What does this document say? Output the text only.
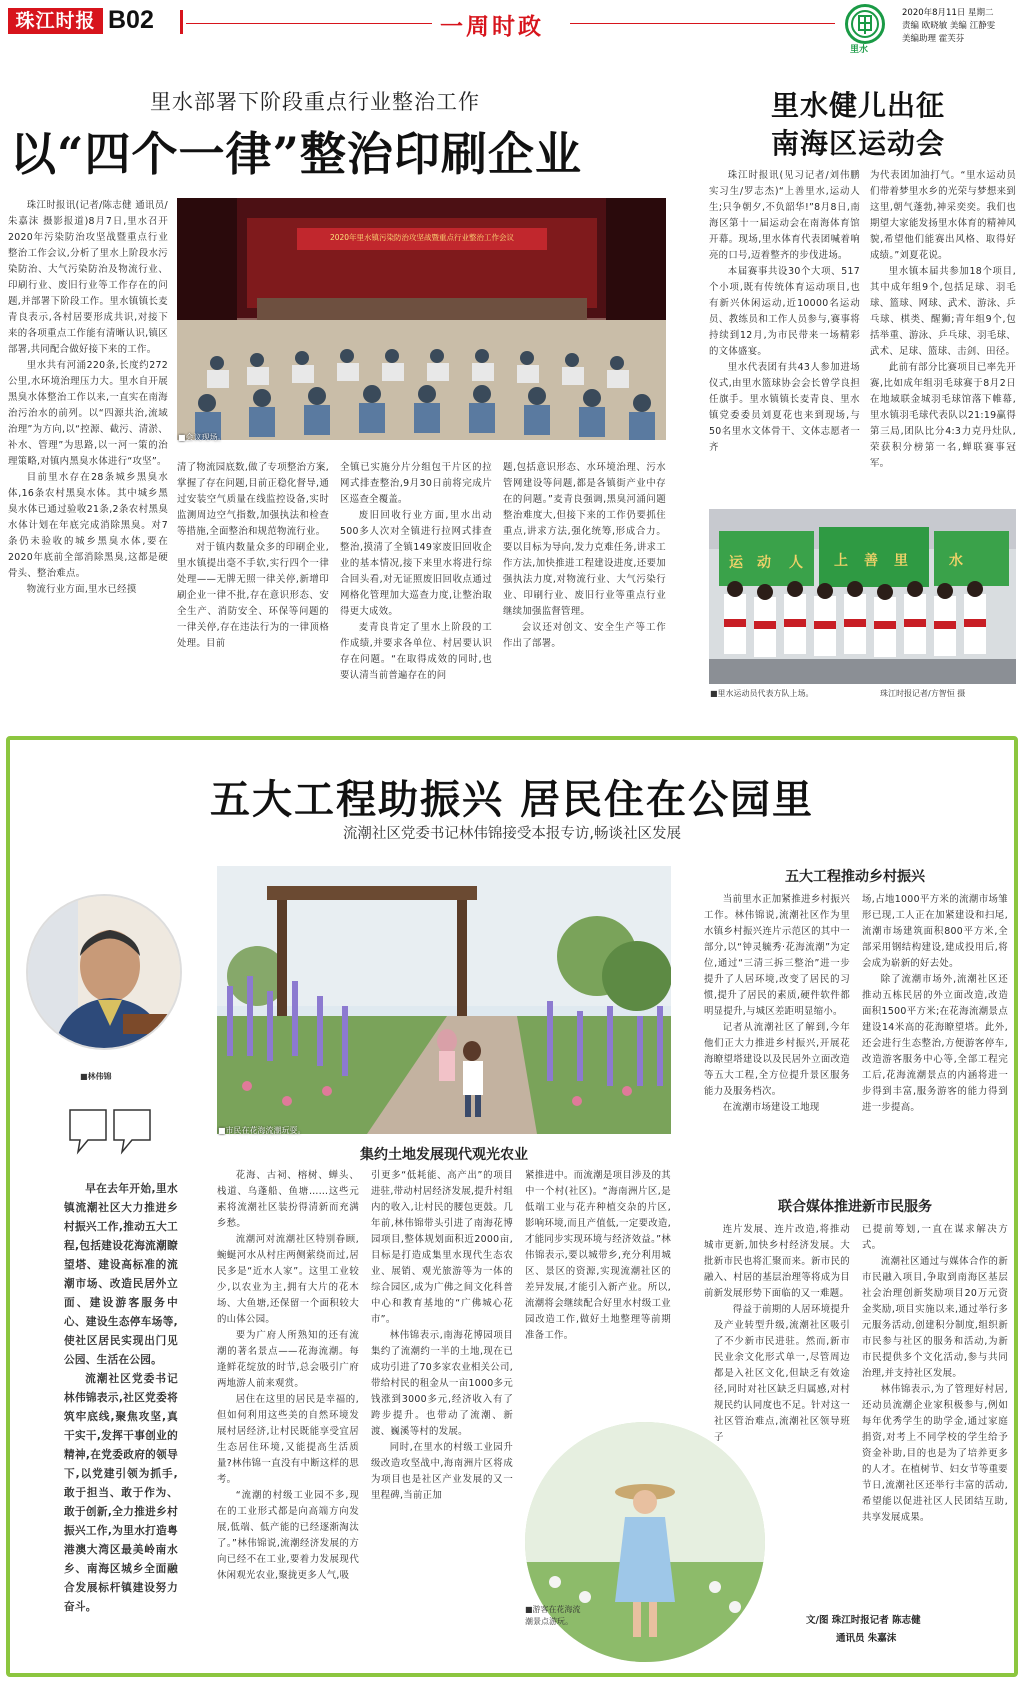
珠江时报 B02	一周时政
里水
2020年8月11日 星期二
责编 欧晓敏 美编 江静雯
美编助理 霍芙芬
里水部署下阶段重点行业整治工作
以“四个一律”整治印刷企业
2020年里水镇污染防治攻坚战暨重点行业整治工作会议
■会议现场。

珠江时报讯(记者/陈志健 通讯员/朱嘉沫 摄影报道)8月7日,里水召开2020年污染防治攻坚战暨重点行业整治工作会议,分析了里水上阶段水污染防治、大气污染防治及物流行业、印刷行业、废旧行业等工作存在的问题,并部署下阶段工作。里水镇镇长麦青良表示,各村居要形成共识,对接下来的各项重点工作能有清晰认识,镇区部署,共同配合做好接下来的工作。

里水共有河涌220条,长度约272公里,水环境治理压力大。里水自开展黑臭水体整治工作以来,一直实在南海治污治水的前列。以“四源共治,流域治理”为方向,以“控源、截污、清淤、补水、管理”为思路,以一河一策的治理策略,对镇内黑臭水体进行“攻坚”。

目前里水存在28条城乡黑臭水体,16条农村黑臭水体。其中城乡黑臭水体已通过验收21条,2条农村黑臭水体计划在年底完成消除黑臭。对7条仍未验收的城乡黑臭水体,要在2020年底前全部消除黑臭,这都是硬骨头、整治难点。

物流行业方面,里水已经摸

清了物流园底数,做了专项整治方案,掌握了存在问题,目前正稳化督导,通过安装空气质量在线监控设备,实时监测周边空气指数,加强执法和检查等措施,全面整治和规范物流行业。

对于镇内数量众多的印刷企业,里水镇提出毫不手软,实行四个一律处理——无牌无照一律关停,新增印刷企业一律不批,存在意识形态、安全生产、消防安全、环保等问题的一律关停,存在违法行为的一律顶格处理。目前

全镇已实施分片分组包干片区的拉网式排查整治,9月30日前将完成片区巡查全覆盖。

废旧回收行业方面,里水出动500多人次对全镇进行拉网式排查整治,摸清了全镇149家废旧回收企业的基本情况,接下来里水将进行综合回头看,对无证照废旧回收点通过网格化管理加大巡查力度,让整治取得更大成效。

麦青良肯定了里水上阶段的工作成绩,并要求各单位、村居要认识存在问题。“在取得成效的同时,也要认清当前普遍存在的问

题,包括意识形态、水环境治理、污水管网建设等问题,都是各镇街产业中存在的问题。”麦青良强调,黑臭河涌问题整治难度大,但接下来的工作仍要抓住重点,讲求方法,强化统筹,形成合力。要以目标为导向,发力克难任务,讲求工作方法,加快推进工程建设进度,还要加强执法力度,对物流行业、大气污染行业、印刷行业、废旧行业等重点行业继续加强监督管理。

会议还对创文、安全生产等工作作出了部署。

里水健儿出征
南海区运动会

珠江时报讯(见习记者/刘伟鹏 实习生/罗志杰)“上善里水,运动人生;只争朝夕,不负韶华!”8月8日,南海区第十一届运动会在南海体育馆开幕。现场,里水体育代表团喊着响亮的口号,迈着整齐的步伐进场。

本届赛事共设30个大项、517个小项,既有传统体育运动项目,也有新兴休闲运动,近10000名运动员、教练员和工作人员参与,赛事将持续到12月,为市民带来一场精彩的文体盛宴。

里水代表团有共43人参加进场仪式,由里水篮球协会会长曾学良担任旗手。里水镇镇长麦青良、里水镇党委委员刘夏花也来到现场,与50名里水文体骨干、文体志愿者一齐

为代表团加油打气。“里水运动员们带着梦里水乡的光荣与梦想来到这里,朝气蓬勃,神采奕奕。我们也期望大家能发扬里水体育的精神风貌,希望他们能赛出风格、取得好成绩。”刘夏花说。

里水镇本届共参加18个项目,其中成年组9个,包括足球、羽毛球、篮球、网球、武术、游泳、乒乓球、棋类、醒狮;青年组9个,包括举重、游泳、乒乓球、羽毛球、武术、足球、篮球、击剑、田径。

此前有部分比赛项目已率先开赛,比如成年组羽毛球赛于8月2日在地域联金城羽毛球馆落下帷幕,里水镇羽毛球代表队以21:19赢得第三局,团队比分4:3力克丹灶队,荣获积分榜第一名,蝉联赛事冠军。

运 动 人 上 善 里	水
■里水运动员代表方队上场。	珠江时报记者/方智恒 摄
五大工程助振兴 居民住在公园里
流潮社区党委书记林伟锦接受本报专访,畅谈社区发展
■林伟锦

早在去年开始,里水镇流潮社区大力推进乡村振兴工作,推动五大工程,包括建设花海流潮瞭望塔、建设高标准的流潮市场、改造民居外立面、建设游客服务中心、建设生态停车场等,使社区居民实现出门见公园、生活在公园。

流潮社区党委书记林伟锦表示,社区党委将筑牢底线,聚焦攻坚,真干实干,发挥干事创业的精神,在党委政府的领导下,以党建引领为抓手,敢于担当、敢于作为、敢于创新,全力推进乡村振兴工作,为里水打造粤港澳大湾区最美岭南水乡、南海区城乡全面融合发展标杆镇建设努力奋斗。

■市民在花海流潮玩耍。
集约土地发展现代观光农业

花海、古祠、榕树、蝉头、栈道、乌蓬船、鱼塘……这些元素将流潮社区装扮得清新而充满乡愁。

流潮河对流潮社区特别眷顾,蜿蜒河水从村庄两侧萦绕而过,居民多是“近水人家”。这里工业较少,以农业为主,拥有大片的花木场、大鱼塘,还保留一个面积较大的山体公园。

要为广府人所熟知的还有流潮的著名景点——花海流潮。每逢鲜花绽放的时节,总会吸引广府两地游人前来观赏。

居住在这里的居民是幸福的,但如何利用这些美的自然环境发展村居经济,让村民既能享受宜居生态居住环境,又能提高生活质量?林伟锦一直没有中断这样的思考。

“流潮的村级工业园不多,现在的工业形式都是向高端方向发展,低端、低产能的已经逐渐淘汰了。”林伟锦说,流潮经济发展的方向已经不在工业,要着力发展现代休闲观光农业,聚拢更多人气,吸

引更多“低耗能、高产出”的项目进驻,带动村居经济发展,提升村组内的收入,让村民的腰包更鼓。几年前,林伟锦带头引进了南海花博园项目,整体规划面积近2000亩,目标是打造成集里水现代生态农业、展销、观光旅游等为一体的综合园区,成为广佛之间文化科普中心和教育基地的“广佛城心花市”。

林伟锦表示,南海花博园项目集约了流潮约一半的土地,现在已成功引进了70多家农业相关公司,带给村民的租金从一亩1000多元钱涨到3000多元,经济收入有了跨步提升。也带动了流潮、新渡、巍溪等村的发展。

同时,在里水的村级工业园升级改造攻坚战中,海南洲片区将成为项目也是社区产业发展的又一里程碑,当前正加

紧推进中。而流潮是项目涉及的其中一个村(社区)。“海南洲片区,是低端工业与花卉种植交杂的片区,影响环境,而且产值低,一定要改造,才能同步实现环境与经济效益。”林伟锦表示,要以城带乡,充分利用城区、景区的资源,实现流潮社区的差异发展,才能引入新产业。所以,流潮将会继续配合好里水村级工业园改造工作,做好土地整理等前期准备工作。

■游客在花海流潮景点游玩。
五大工程推动乡村振兴

当前里水正加紧推进乡村振兴工作。林伟锦说,流潮社区作为里水镇乡村振兴连片示范区的其中一部分,以“钟灵毓秀·花海流潮”为定位,通过“三清三拆三整治”进一步提升了人居环境,改变了居民的习惯,提升了居民的素质,硬件软件都明显提升,与城区差距明显缩小。

记者从流潮社区了解到,今年他们正大力推进乡村振兴,开展花海瞭望塔建设以及民居外立面改造等五大工程,全方位提升景区服务能力及服务档次。

在流潮市场建设工地现

场,占地1000平方米的流潮市场雏形已现,工人正在加紧建设和扫尾,流潮市场建筑面积800平方米,全部采用钢结构建设,建成投用后,将会成为崭新的好去处。

除了流潮市场外,流潮社区还推动五栋民居的外立面改造,改造面积1500平方米;在花海流潮景点建设14米高的花海瞭望塔。此外,还会进行生态整治,方便游客停车,改造游客服务中心等,全部工程完工后,花海流潮景点的内涵将进一步得到丰富,服务游客的能力得到进一步提高。

联合媒体推进新市民服务

连片发展、连片改造,将推动城市更新,加快乡村经济发展。大批新市民也将汇聚而来。新市民的融入、村居的基层治理等将成为目前新发展形势下面临的又一难题。

得益于前期的人居环境提升及产业转型升级,流潮社区吸引了不少新市民进驻。然而,新市民业余文化形式单一,尽管周边都是入社区文化,但缺乏有效途径,同时对社区缺乏归属感,对村规民约认同度也不足。针对这一社区管治难点,流潮社区领导班子

已提前筹划,一直在谋求解决方式。

流潮社区通过与媒体合作的新市民融入项目,争取到南海区基层社会治理创新奖励项目20万元资金奖励,项目实施以来,通过举行多元服务活动,创建积分制度,组织新市民参与社区的服务和活动,为新市民提供多个文化活动,参与共同治理,并支持社区发展。

林伟锦表示,为了管理好村居,还动员流潮企业家积极参与,例如每年优秀学生的助学金,通过家庭捐资,对考上不同学校的学生给予资金补助,目的也是为了培养更多的人才。在植树节、妇女节等重要节日,流潮社区还举行丰富的活动,希望能以促进社区人民团结互助,共享发展成果。

文/图 珠江时报记者 陈志健
通讯员 朱嘉沫
